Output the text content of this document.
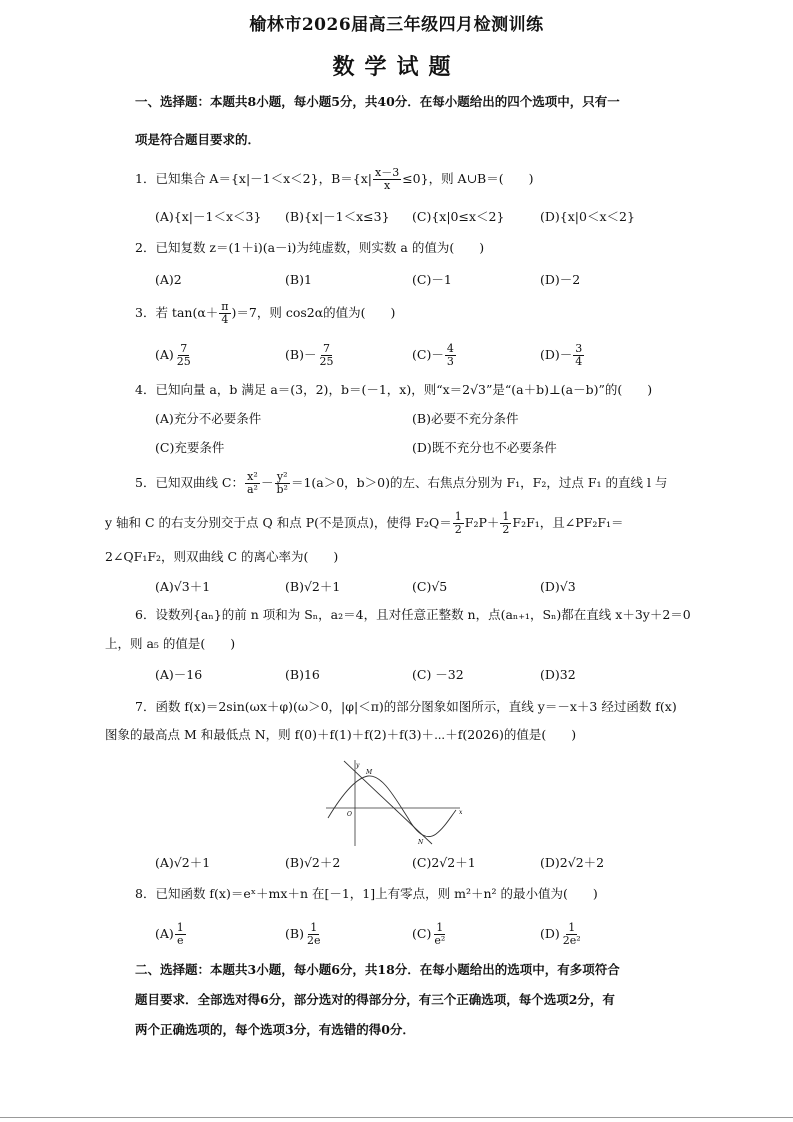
榆林市2026届高三年级四月检测训练
数学试题
一、选择题：本题共8小题，每小题5分，共40分．在每小题给出的四个选项中，只有一
项是符合题目要求的．
1．已知集合 A＝{x|－1＜x＜2}，$B=\{x| \frac{x-3}{x} \le 0\}$，则 A∪B＝(　　)
(A){x|－1＜x＜3} (B){x|－1＜x≤3} (C){x|0≤x＜2}	(D){x|0＜x＜2}
2．已知复数 z＝(1＋i)(a－i)为纯虚数，则实数 a 的值为(　　)
(A)2	(B)1	(C)－1	(D)－2
3．若 $\tan(\alpha+ \frac{\pi}{4} )=7$，则 cos2α的值为(　　)
$(A) \frac{7}{25}$	$(B)- \frac{7}{25}$	$(C)- \frac{4}{3}$	$(D)- \frac{3}{4}$
4．已知向量 a，b 满足 a＝(3，2)，b＝(－1，x)，则“x＝2√3”是“(a＋b)⊥(a－b)”的(　　)
(A)充分不必要条件	(B)必要不充分条件
(C)充要条件	(D)既不充分也不必要条件
5．已知双曲线 C： $\frac{\text{x²}}{\text{a²}} - \frac{\text{y²}}{\text{b²}} =1(a>0$，b＞0)的左、右焦点分别为 F₁，F₂，过点 F₁ 的直线 l 与
y 轴和 C 的右支分别交于点 Q 和点 P(不是顶点)，使得 $F_2Q= \frac{1}{2} F_2P+ \frac{1}{2} F_2F_1$，且∠PF₂F₁＝
2∠QF₁F₂，则双曲线 C 的离心率为(　　)
(A)√3＋1	(B)√2＋1	(C)√5	(D)√3
6．设数列{aₙ}的前 n 项和为 Sₙ，a₂＝4，且对任意正整数 n，点(aₙ₊₁，Sₙ)都在直线 x＋3y＋2＝0
上，则 a₅ 的值是(　　)
(A)－16	(B)16	(C) －32	(D)32
7．函数 f(x)＝2sin(ωx＋φ)(ω＞0，|φ|＜π)的部分图象如图所示，直线 y＝－x＋3 经过函数 f(x)
图象的最高点 M 和最低点 N，则 f(0)＋f(1)＋f(2)＋f(3)＋⋯＋f(2026)的值是(　　)
y
x
O
M
N
(A)√2＋1	(B)√2＋2	(C)2√2＋1	(D)2√2＋2
8．已知函数 f(x)＝eˣ＋mx＋n 在[－1，1]上有零点，则 m²＋n² 的最小值为(　　)
$(A) \frac{1}{e}$	$(B) \frac{1}{2e}$	$(C) \frac{1}{\text{e²}}$	$(D) \frac{1}{\text{2e²}}$
二、选择题：本题共3小题，每小题6分，共18分．在每小题给出的选项中，有多项符合
题目要求．全部选对得6分，部分选对的得部分分，有三个正确选项，每个选项2分，有
两个正确选项的，每个选项3分，有选错的得0分．
